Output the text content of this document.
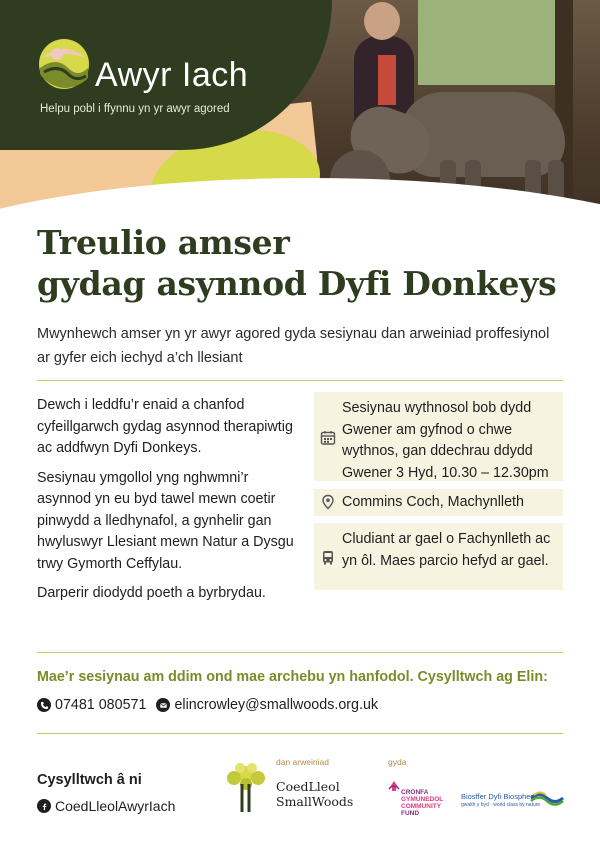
Awyr Iach
Helpu pobl i ffynnu yn yr awyr agored
Treulio amser
gydag asynnod Dyfi Donkeys
Mwynhewch amser yn yr awyr agored gyda sesiynau dan arweiniad proffesiynol ar gyfer eich iechyd a’ch llesiant

Dewch i leddfu’r enaid a chanfod cyfeillgarwch gydag asynnod therapiwtig ac addfwyn Dyfi Donkeys.

Sesiynau ymgollol yng nghwmni’r asynnod yn eu byd tawel mewn coetir pinwydd a lledhynafol, a gynhelir gan hwyluswyr Llesiant mewn Natur a Dysgu trwy Gymorth Ceffylau.

Darperir diodydd poeth a byrbrydau.

Sesiynau wythnosol bob dydd Gwener am gyfnod o chwe wythnos, gan ddechrau ddydd Gwener 3 Hyd, 10.30 – 12.30pm
Commins Coch, Machynlleth
Cludiant ar gael o Fachynlleth ac yn ôl. Maes parcio hefyd ar gael.
Mae’r sesiynau am ddim ond mae archebu yn hanfodol. Cysylltwch ag Elin:
07481 080571 elincrowley@smallwoods.org.uk
Cysylltwch â ni
CoedLleolAwyrIach
dan arweiniad	gyda
CoedLleol
SmallWoods
CRONFA
GYMUNEDOL
COMMUNITY
FUND
Biosffer Dyfi Biosphere
gwaith y byd · world class by nature
